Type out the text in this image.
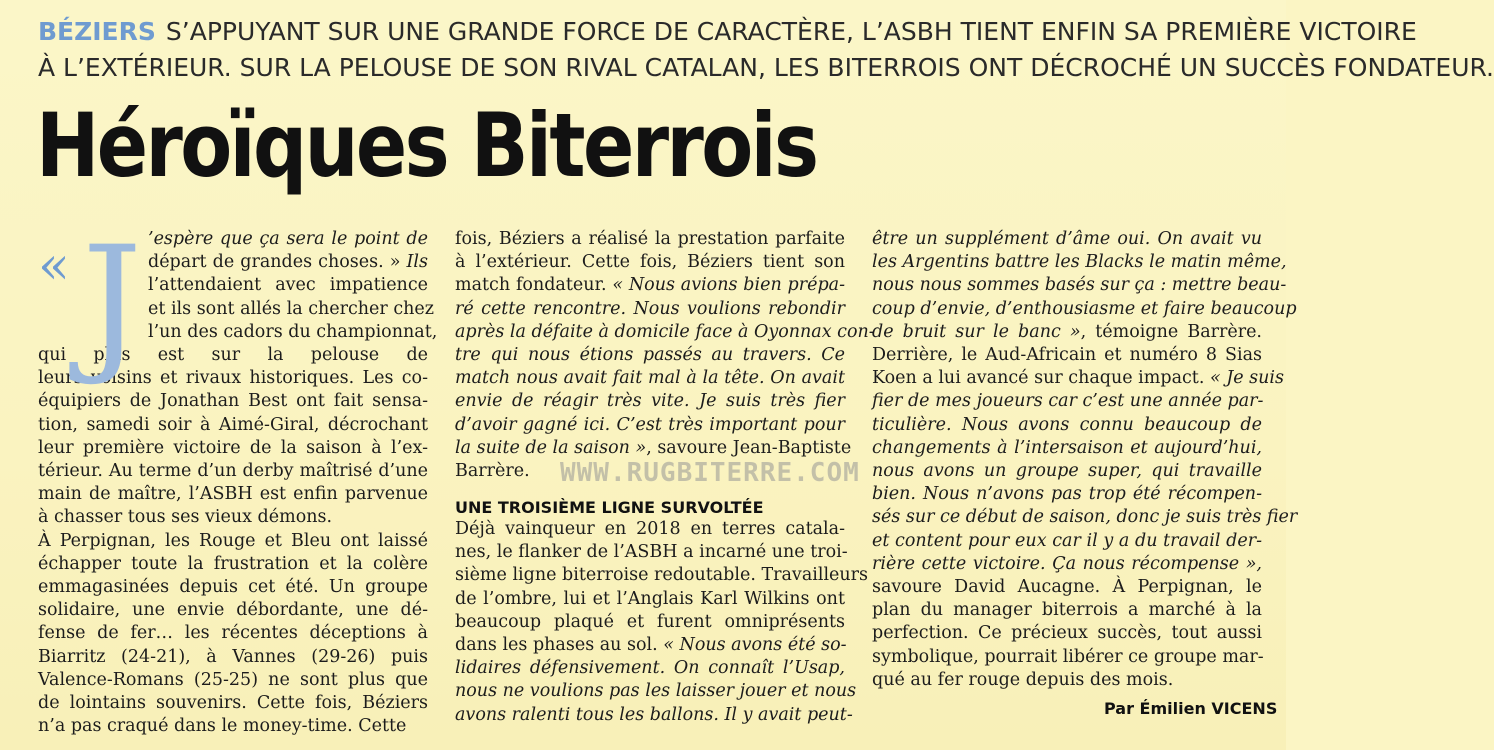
BÉZIERS S’APPUYANT SUR UNE GRANDE FORCE DE CARACTÈRE, L’ASBH TIENT ENFIN SA PREMIÈRE VICTOIRE
À L’EXTÉRIEUR. SUR LA PELOUSE DE SON RIVAL CATALAN, LES BITERROIS ONT DÉCROCHÉ UN SUCCÈS FONDATEUR.
Héroïques Biterrois
« J ’espère que ça sera le point de
départ de grandes choses. » Ils
l’attendaient avec impatience
et ils sont allés la chercher chez
l’un des cadors du championnat,
qui plus est sur la pelouse de
leurs voisins et rivaux historiques. Les co-
équipiers de Jonathan Best ont fait sensa-
tion, samedi soir à Aimé-Giral, décrochant
leur première victoire de la saison à l’ex-
térieur. Au terme d’un derby maîtrisé d’une
main de maître, l’ASBH est enfin parvenue
à chasser tous ses vieux démons.
À Perpignan, les Rouge et Bleu ont laissé
échapper toute la frustration et la colère
emmagasinées depuis cet été. Un groupe
solidaire, une envie débordante, une dé-
fense de fer… les récentes déceptions à
Biarritz (24-21), à Vannes (29-26) puis
Valence-Romans (25-25) ne sont plus que
de lointains souvenirs. Cette fois, Béziers
n’a pas craqué dans le money-time. Cette
fois, Béziers a réalisé la prestation parfaite
à l’extérieur. Cette fois, Béziers tient son
match fondateur. « Nous avions bien prépa-
ré cette rencontre. Nous voulions rebondir
après la défaite à domicile face à Oyonnax con-
tre qui nous étions passés au travers. Ce
match nous avait fait mal à la tête. On avait
envie de réagir très vite. Je suis très fier
d’avoir gagné ici. C’est très important pour
la suite de la saison », savoure Jean-Baptiste
Barrère.	WWW.RUGBITERRE.COM
UNE TROISIÈME LIGNE SURVOLTÉE
Déjà vainqueur en 2018 en terres catala-
nes, le flanker de l’ASBH a incarné une troi-
sième ligne biterroise redoutable. Travailleurs
de l’ombre, lui et l’Anglais Karl Wilkins ont
beaucoup plaqué et furent omniprésents
dans les phases au sol. « Nous avons été so-
lidaires défensivement. On connaît l’Usap,
nous ne voulions pas les laisser jouer et nous
avons ralenti tous les ballons. Il y avait peut-
être un supplément d’âme oui. On avait vu
les Argentins battre les Blacks le matin même,
nous nous sommes basés sur ça : mettre beau-
coup d’envie, d’enthousiasme et faire beaucoup
de bruit sur le banc », témoigne Barrère.
Derrière, le Aud-Africain et numéro 8 Sias
Koen a lui avancé sur chaque impact. « Je suis
fier de mes joueurs car c’est une année par-
ticulière. Nous avons connu beaucoup de
changements à l’intersaison et aujourd’hui,
nous avons un groupe super, qui travaille
bien. Nous n’avons pas trop été récompen-
sés sur ce début de saison, donc je suis très fier
et content pour eux car il y a du travail der-
rière cette victoire. Ça nous récompense »,
savoure David Aucagne. À Perpignan, le
plan du manager biterrois a marché à la
perfection. Ce précieux succès, tout aussi
symbolique, pourrait libérer ce groupe mar-
qué au fer rouge depuis des mois.
Par Émilien VICENS
